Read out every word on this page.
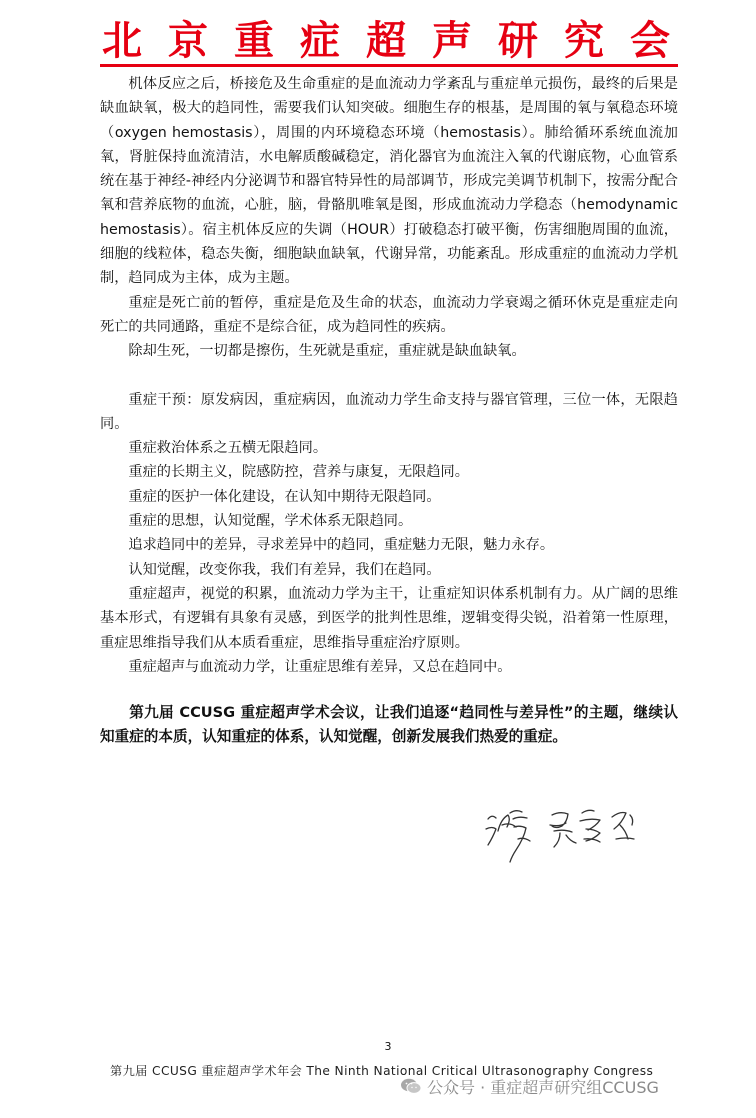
北京重症超声研究会

机体反应之后，桥接危及生命重症的是血流动力学紊乱与重症单元损伤，最终的后果是缺血缺氧，极大的趋同性，需要我们认知突破。细胞生存的根基，是周围的氧与氧稳态环境（oxygen hemostasis），周围的内环境稳态环境（hemostasis）。肺给循环系统血流加氧，肾脏保持血流清洁，水电解质酸碱稳定，消化器官为血流注入氧的代谢底物，心血管系统在基于神经-神经内分泌调节和器官特异性的局部调节，形成完美调节机制下，按需分配合氧和营养底物的血流，心脏，脑，骨骼肌唯氧是图，形成血流动力学稳态（hemodynamic hemostasis）。宿主机体反应的失调（HOUR）打破稳态打破平衡，伤害细胞周围的血流，细胞的线粒体，稳态失衡，细胞缺血缺氧，代谢异常，功能紊乱。形成重症的血流动力学机制，趋同成为主体，成为主题。

重症是死亡前的暂停，重症是危及生命的状态，血流动力学衰竭之循环休克是重症走向死亡的共同通路，重症不是综合征，成为趋同性的疾病。

除却生死，一切都是擦伤，生死就是重症，重症就是缺血缺氧。

重症干预：原发病因，重症病因，血流动力学生命支持与器官管理，三位一体，无限趋同。

重症救治体系之五横无限趋同。

重症的长期主义，院感防控，营养与康复，无限趋同。

重症的医护一体化建设，在认知中期待无限趋同。

重症的思想，认知觉醒，学术体系无限趋同。

追求趋同中的差异，寻求差异中的趋同，重症魅力无限，魅力永存。

认知觉醒，改变你我，我们有差异，我们在趋同。

重症超声，视觉的积累，血流动力学为主干，让重症知识体系机制有力。从广阔的思维基本形式，有逻辑有具象有灵感，到医学的批判性思维，逻辑变得尖锐，沿着第一性原理，重症思维指导我们从本质看重症，思维指导重症治疗原则。

重症超声与血流动力学，让重症思维有差异，又总在趋同中。

第九届 CCUSG 重症超声学术会议，让我们追逐“趋同性与差异性”的主题，继续认知重症的本质，认知重症的体系，认知觉醒，创新发展我们热爱的重症。

3
第九届 CCUSG 重症超声学术年会 The Ninth National Critical Ultrasonography Congress
公众号 · 重症超声研究组CCUSG
